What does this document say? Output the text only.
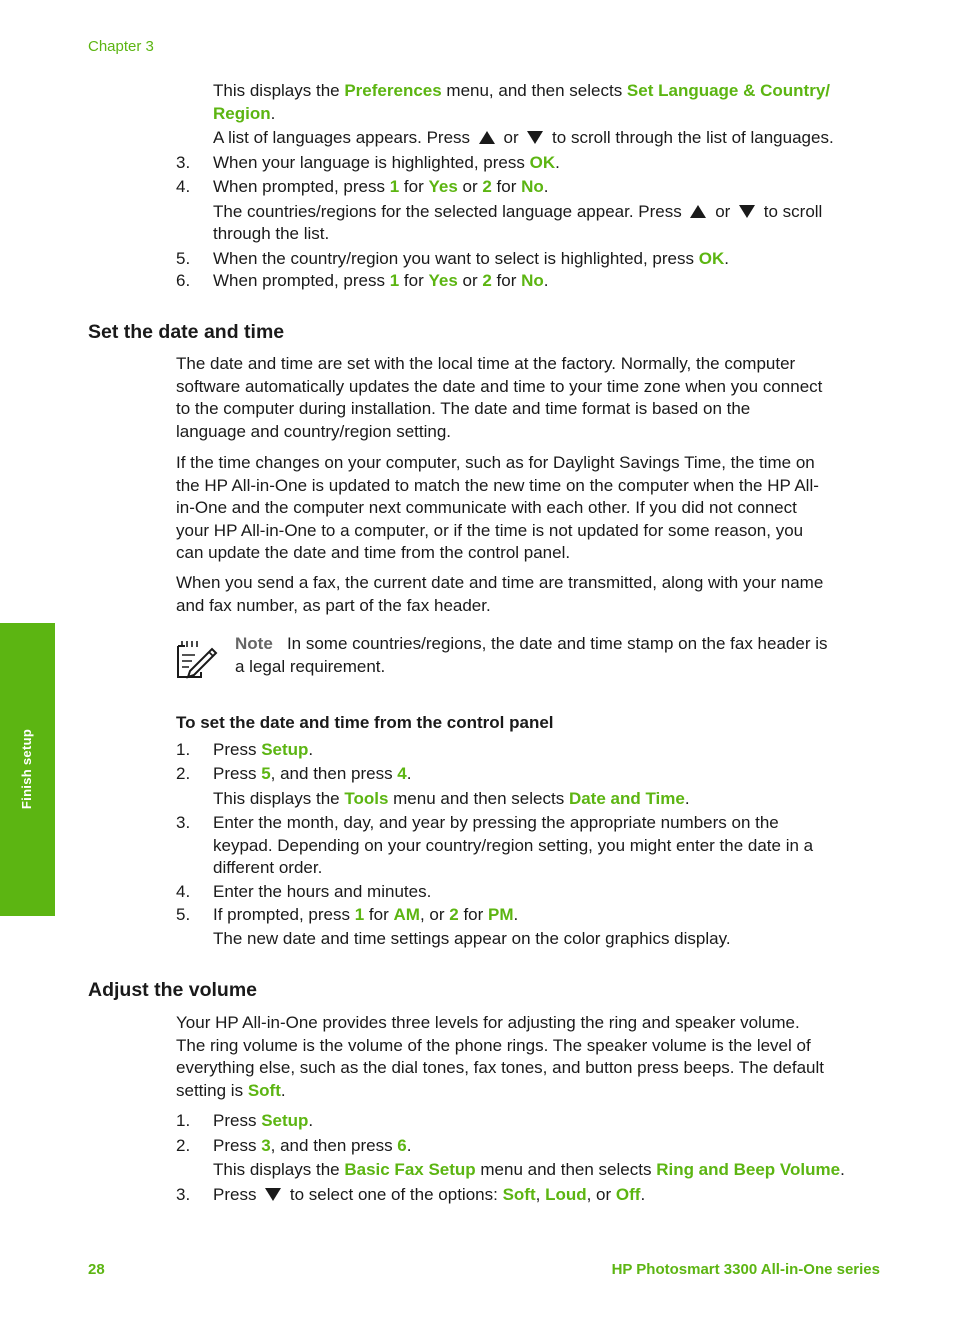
Chapter 3
Finish setup
This displays the Preferences menu, and then selects Set Language & Country/
Region.
A list of languages appears. Press  or  to scroll through the list of languages.
3.	When your language is highlighted, press OK.
4.	When prompted, press 1 for Yes or 2 for No.
The countries/regions for the selected language appear. Press  or  to scroll
through the list.
5.	When the country/region you want to select is highlighted, press OK.
6.	When prompted, press 1 for Yes or 2 for No.
Set the date and time
The date and time are set with the local time at the factory. Normally, the computer
software automatically updates the date and time to your time zone when you connect
to the computer during installation. The date and time format is based on the
language and country/region setting.
If the time changes on your computer, such as for Daylight Savings Time, the time on
the HP All-in-One is updated to match the new time on the computer when the HP All-
in-One and the computer next communicate with each other. If you did not connect
your HP All-in-One to a computer, or if the time is not updated for some reason, you
can update the date and time from the control panel.
When you send a fax, the current date and time are transmitted, along with your name
and fax number, as part of the fax header.
Note In some countries/regions, the date and time stamp on the fax header is
a legal requirement.
To set the date and time from the control panel
1.	Press Setup.
2.	Press 5, and then press 4.
This displays the Tools menu and then selects Date and Time.
3.	Enter the month, day, and year by pressing the appropriate numbers on the
keypad. Depending on your country/region setting, you might enter the date in a
different order.
4.	Enter the hours and minutes.
5.	If prompted, press 1 for AM, or 2 for PM.
The new date and time settings appear on the color graphics display.
Adjust the volume
Your HP All-in-One provides three levels for adjusting the ring and speaker volume.
The ring volume is the volume of the phone rings. The speaker volume is the level of
everything else, such as the dial tones, fax tones, and button press beeps. The default
setting is Soft.
1.	Press Setup.
2.	Press 3, and then press 6.
This displays the Basic Fax Setup menu and then selects Ring and Beep Volume.
3.	Press  to select one of the options: Soft, Loud, or Off.
28	HP Photosmart 3300 All-in-One series
